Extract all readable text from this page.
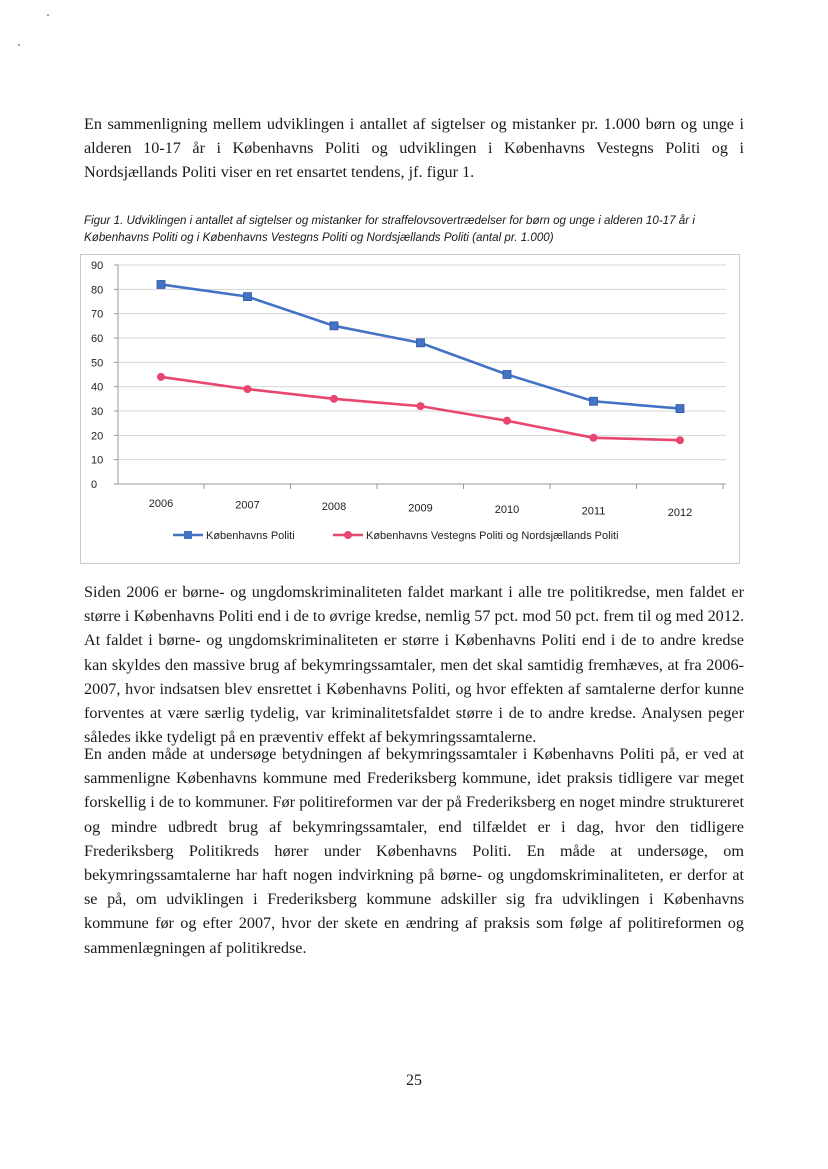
En sammenligning mellem udviklingen i antallet af sigtelser og mistanker pr. 1.000 børn og unge i alderen 10-17 år i Københavns Politi og udviklingen i Københavns Vestegns Politi og i Nordsjællands Politi viser en ret ensartet tendens, jf. figur 1.

Figur 1. Udviklingen i antallet af sigtelser og mistanker for straffelovsovertrædelser for børn og unge i alderen 10-17 år i Københavns Politi og i Københavns Vestegns Politi og Nordsjællands Politi (antal pr. 1.000)

0
10
20
30
40
50
60
70
80
90
2006	2007	2008	2009	2010	2011	2012
Københavns Politi	Københavns Vestegns Politi og Nordsjællands Politi

Siden 2006 er børne- og ungdomskriminaliteten faldet markant i alle tre politikredse, men faldet er større i Københavns Politi end i de to øvrige kredse, nemlig 57 pct. mod 50 pct. frem til og med 2012. At faldet i børne- og ungdomskriminaliteten er større i Københavns Politi end i de to andre kredse kan skyldes den massive brug af bekymringssamtaler, men det skal samtidig fremhæves, at fra 2006-2007, hvor indsatsen blev ensrettet i Københavns Politi, og hvor effekten af samtalerne derfor kunne forventes at være særlig tydelig, var kriminalitetsfaldet større i de to andre kredse. Analysen peger således ikke tydeligt på en præventiv effekt af bekymringssamtalerne.

En anden måde at undersøge betydningen af bekymringssamtaler i Københavns Politi på, er ved at sammenligne Københavns kommune med Frederiksberg kommune, idet praksis tidligere var meget forskellig i de to kommuner. Før politireformen var der på Frederiksberg en noget mindre struktureret og mindre udbredt brug af bekymringssamtaler, end tilfældet er i dag, hvor den tidligere Frederiksberg Politikreds hører under Københavns Politi. En måde at undersøge, om bekymringssamtalerne har haft nogen indvirkning på børne- og ungdomskriminaliteten, er derfor at se på, om udviklingen i Frederiksberg kommune adskiller sig fra udviklingen i Københavns kommune før og efter 2007, hvor der skete en ændring af praksis som følge af politireformen og sammenlægningen af politikredse.

25
